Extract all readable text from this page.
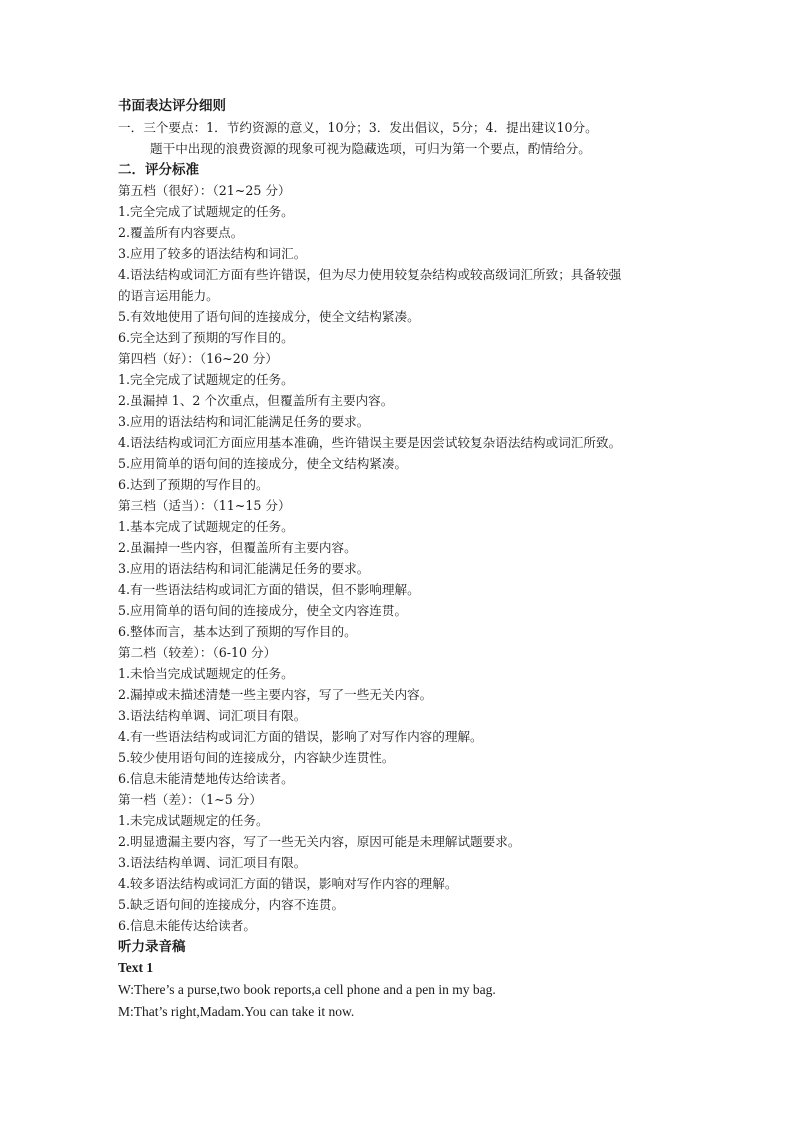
书面表达评分细则
一．三个要点：1．节约资源的意义，10分；3．发出倡议，5分；4．提出建议10分。
题干中出现的浪费资源的现象可视为隐藏选项，可归为第一个要点，酌情给分。
二．评分标准
第五档（很好）：（21~25 分）
1.完全完成了试题规定的任务。
2.覆盖所有内容要点。
3.应用了较多的语法结构和词汇。
4.语法结构或词汇方面有些许错误，但为尽力使用较复杂结构或较高级词汇所致；具备较强
的语言运用能力。
5.有效地使用了语句间的连接成分，使全文结构紧凑。
6.完全达到了预期的写作目的。
第四档（好）：（16~20 分）
1.完全完成了试题规定的任务。
2.虽漏掉 1、2 个次重点，但覆盖所有主要内容。
3.应用的语法结构和词汇能满足任务的要求。
4.语法结构或词汇方面应用基本准确，些许错误主要是因尝试较复杂语法结构或词汇所致。
5.应用简单的语句间的连接成分，使全文结构紧凑。
6.达到了预期的写作目的。
第三档（适当）：（11~15 分）
1.基本完成了试题规定的任务。
2.虽漏掉一些内容，但覆盖所有主要内容。
3.应用的语法结构和词汇能满足任务的要求。
4.有一些语法结构或词汇方面的错误，但不影响理解。
5.应用简单的语句间的连接成分，使全文内容连贯。
6.整体而言，基本达到了预期的写作目的。
第二档（较差）：（6-10 分）
1.未恰当完成试题规定的任务。
2.漏掉或未描述清楚一些主要内容，写了一些无关内容。
3.语法结构单调、词汇项目有限。
4.有一些语法结构或词汇方面的错误，影响了对写作内容的理解。
5.较少使用语句间的连接成分，内容缺少连贯性。
6.信息未能清楚地传达给读者。
第一档（差）：（1~5 分）
1.未完成试题规定的任务。
2.明显遗漏主要内容，写了一些无关内容，原因可能是未理解试题要求。
3.语法结构单调、词汇项目有限。
4.较多语法结构或词汇方面的错误，影响对写作内容的理解。
5.缺乏语句间的连接成分，内容不连贯。
6.信息未能传达给读者。
听力录音稿
Text 1
W:There’s a purse,two book reports,a cell phone and a pen in my bag.
M:That’s right,Madam.You can take it now.
